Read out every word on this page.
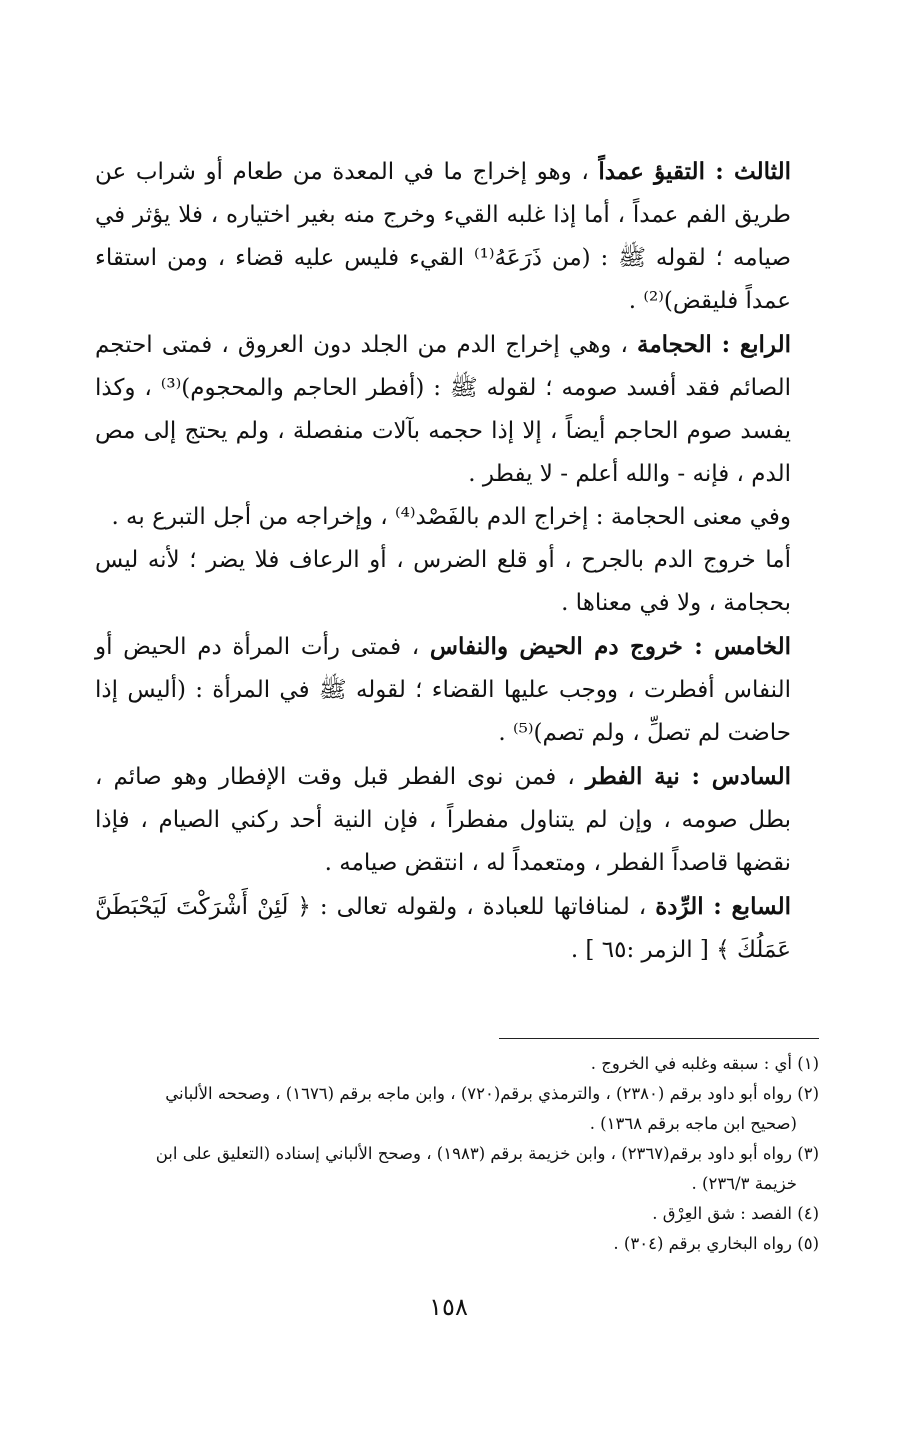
الثالث : التقيؤ عمداً ، وهو إخراج ما في المعدة من طعام أو شراب عن طريق الفم عمداً ، أما إذا غلبه القيء وخرج منه بغير اختياره ، فلا يؤثر في صيامه ؛ لقوله ﷺ : (من ذَرَعَهُ⁽¹⁾ القيء فليس عليه قضاء ، ومن استقاء عمداً فليقض)⁽²⁾ .

الرابع : الحجامة ، وهي إخراج الدم من الجلد دون العروق ، فمتى احتجم الصائم فقد أفسد صومه ؛ لقوله ﷺ : (أفطر الحاجم والمحجوم)⁽³⁾ ، وكذا يفسد صوم الحاجم أيضاً ، إلا إذا حجمه بآلات منفصلة ، ولم يحتج إلى مص الدم ، فإنه - والله أعلم - لا يفطر .

وفي معنى الحجامة : إخراج الدم بالفَصْد⁽⁴⁾ ، وإخراجه من أجل التبرع به .

أما خروج الدم بالجرح ، أو قلع الضرس ، أو الرعاف فلا يضر ؛ لأنه ليس بحجامة ، ولا في معناها .

الخامس : خروج دم الحيض والنفاس ، فمتى رأت المرأة دم الحيض أو النفاس أفطرت ، ووجب عليها القضاء ؛ لقوله ﷺ في المرأة : (أليس إذا حاضت لم تصلِّ ، ولم تصم)⁽⁵⁾ .

السادس : نية الفطر ، فمن نوى الفطر قبل وقت الإفطار وهو صائم ، بطل صومه ، وإن لم يتناول مفطراً ، فإن النية أحد ركني الصيام ، فإذا نقضها قاصداً الفطر ، ومتعمداً له ، انتقض صيامه .

السابع : الرِّدة ، لمنافاتها للعبادة ، ولقوله تعالى : ﴿ لَئِنْ أَشْرَكْتَ لَيَحْبَطَنَّ عَمَلُكَ ﴾ [ الزمر :٦٥ ] .

(١) أي : سبقه وغلبه في الخروج .

(٢) رواه أبو داود برقم (٢٣٨٠) ، والترمذي برقم(٧٢٠) ، وابن ماجه برقم (١٦٧٦) ، وصححه الألباني

(صحيح ابن ماجه برقم ١٣٦٨) .

(٣) رواه أبو داود برقم(٢٣٦٧) ، وابن خزيمة برقم (١٩٨٣) ، وصحح الألباني إسناده (التعليق على ابن

خزيمة ٢٣٦/٣) .

(٤) الفصد : شق العِرْق .

(٥) رواه البخاري برقم (٣٠٤) .

١٥٨
